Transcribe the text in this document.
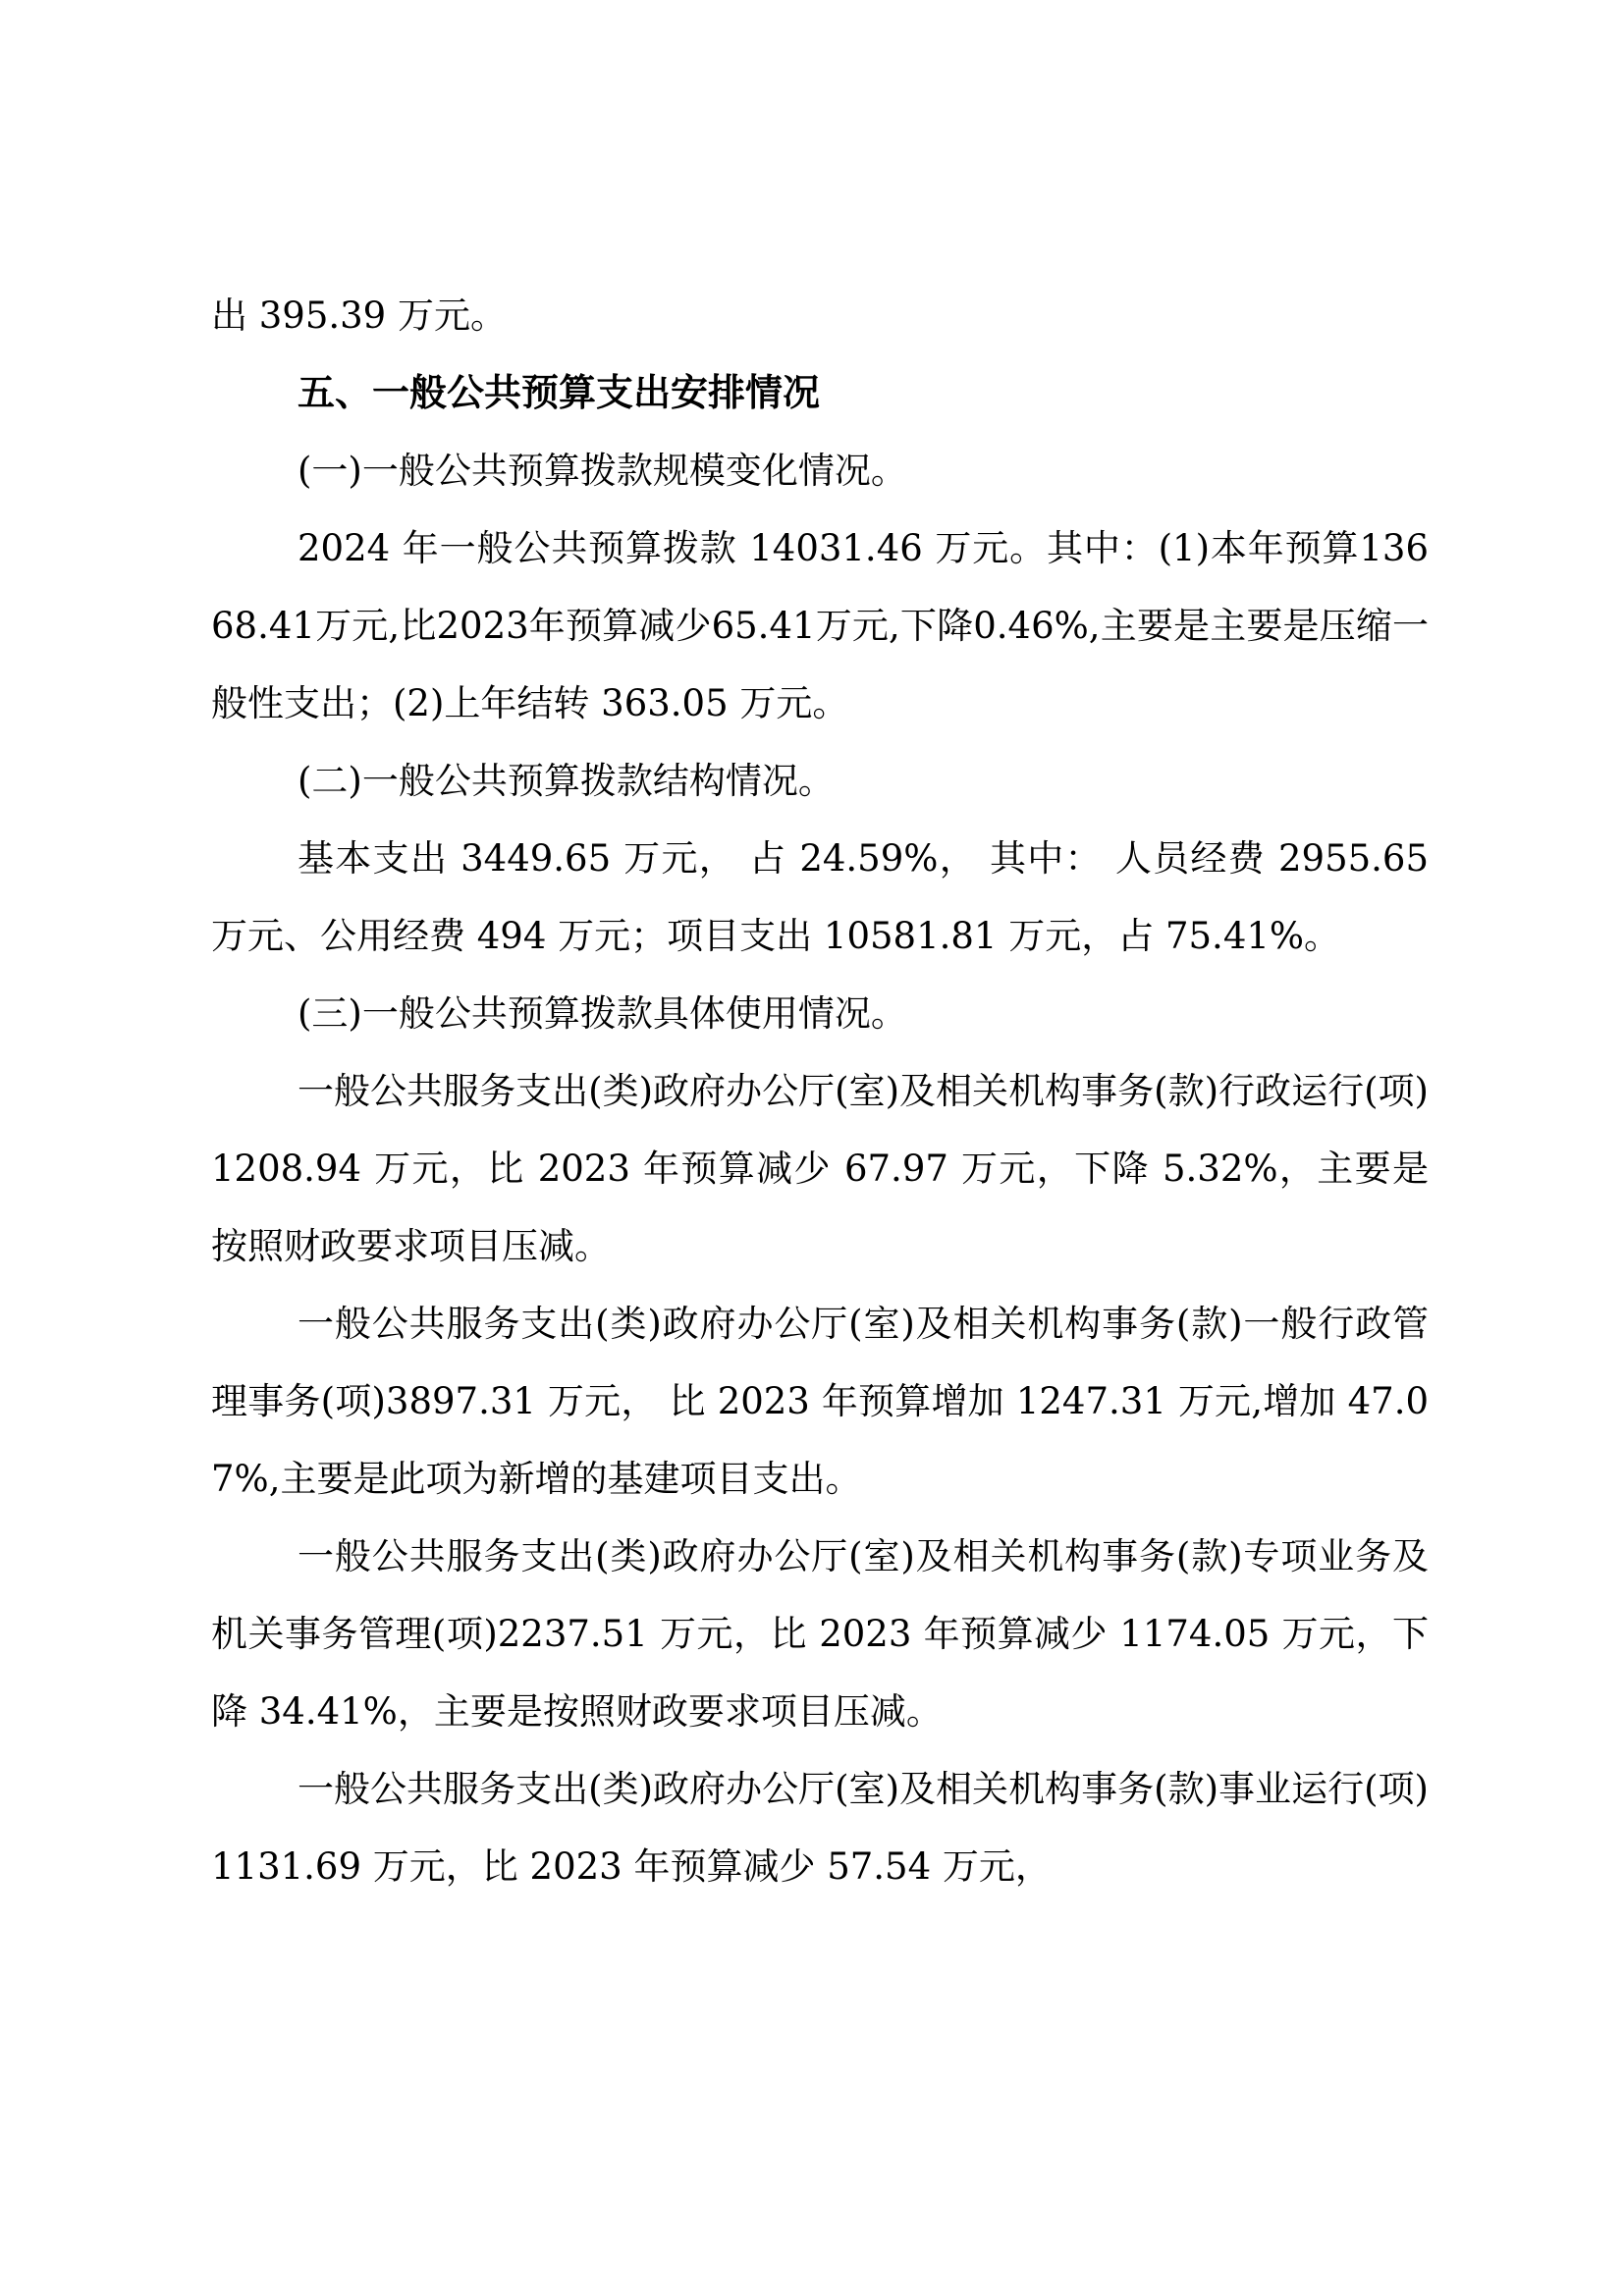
出 395.39 万元。

五、一般公共预算支出安排情况

(一)一般公共预算拨款规模变化情况。

2024 年一般公共预算拨款 14031.46 万元。其中：(1)本年预算13668.41万元,比2023年预算减少65.41万元,下降0.46%,主要是主要是压缩一般性支出；(2)上年结转 363.05 万元。

(二)一般公共预算拨款结构情况。

基本支出 3449.65 万元， 占 24.59%， 其中： 人员经费 2955.65 万元、公用经费 494 万元；项目支出 10581.81 万元，占 75.41%。

(三)一般公共预算拨款具体使用情况。

一般公共服务支出(类)政府办公厅(室)及相关机构事务(款)行政运行(项)1208.94 万元，比 2023 年预算减少 67.97 万元，下降 5.32%，主要是按照财政要求项目压减。

一般公共服务支出(类)政府办公厅(室)及相关机构事务(款)一般行政管理事务(项)3897.31 万元， 比 2023 年预算增加 1247.31 万元,增加 47.07%,主要是此项为新增的基建项目支出。

一般公共服务支出(类)政府办公厅(室)及相关机构事务(款)专项业务及机关事务管理(项)2237.51 万元，比 2023 年预算减少 1174.05 万元，下降 34.41%，主要是按照财政要求项目压减。

一般公共服务支出(类)政府办公厅(室)及相关机构事务(款)事业运行(项)1131.69 万元，比 2023 年预算减少 57.54 万元，
